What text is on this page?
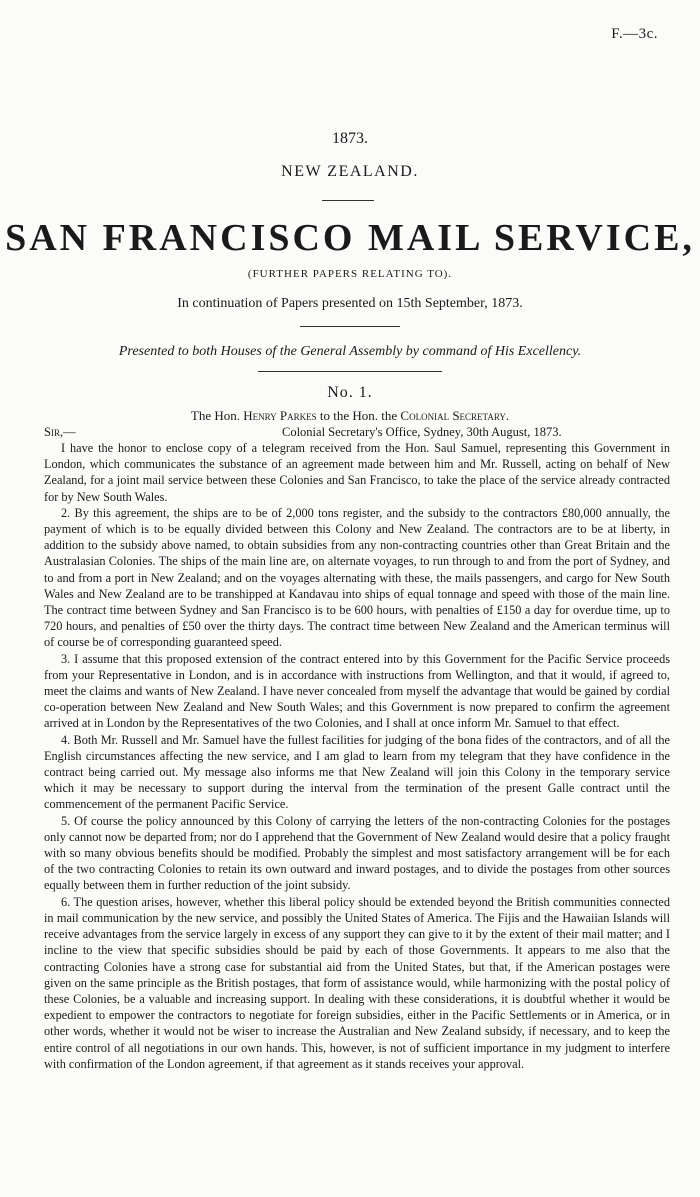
F.—3c.
1873.
NEW ZEALAND.
SAN FRANCISCO MAIL SERVICE,
(FURTHER PAPERS RELATING TO).
In continuation of Papers presented on 15th September, 1873.
Presented to both Houses of the General Assembly by command of His Excellency.
No. 1.
The Hon. Henry Parkes to the Hon. the Colonial Secretary.
Sir,—	Colonial Secretary's Office, Sydney, 30th August, 1873.

I have the honor to enclose copy of a telegram received from the Hon. Saul Samuel, representing this Government in London, which communicates the substance of an agreement made between him and Mr. Russell, acting on behalf of New Zealand, for a joint mail service between these Colonies and San Francisco, to take the place of the service already contracted for by New South Wales.

2. By this agreement, the ships are to be of 2,000 tons register, and the subsidy to the contractors £80,000 annually, the payment of which is to be equally divided between this Colony and New Zealand. The contractors are to be at liberty, in addition to the subsidy above named, to obtain subsidies from any non-contracting countries other than Great Britain and the Australasian Colonies. The ships of the main line are, on alternate voyages, to run through to and from the port of Sydney, and to and from a port in New Zealand; and on the voyages alternating with these, the mails passengers, and cargo for New South Wales and New Zealand are to be transhipped at Kandavau into ships of equal tonnage and speed with those of the main line. The contract time between Sydney and San Francisco is to be 600 hours, with penalties of £150 a day for overdue time, up to 720 hours, and penalties of £50 over the thirty days. The contract time between New Zealand and the American terminus will of course be of corresponding guaranteed speed.

3. I assume that this proposed extension of the contract entered into by this Government for the Pacific Service proceeds from your Representative in London, and is in accordance with instructions from Wellington, and that it would, if agreed to, meet the claims and wants of New Zealand. I have never concealed from myself the advantage that would be gained by cordial co-operation between New Zealand and New South Wales; and this Government is now prepared to confirm the agreement arrived at in London by the Representatives of the two Colonies, and I shall at once inform Mr. Samuel to that effect.

4. Both Mr. Russell and Mr. Samuel have the fullest facilities for judging of the bona fides of the contractors, and of all the English circumstances affecting the new service, and I am glad to learn from my telegram that they have confidence in the contract being carried out. My message also informs me that New Zealand will join this Colony in the temporary service which it may be necessary to support during the interval from the termination of the present Galle contract until the commencement of the permanent Pacific Service.

5. Of course the policy announced by this Colony of carrying the letters of the non-contracting Colonies for the postages only cannot now be departed from; nor do I apprehend that the Government of New Zealand would desire that a policy fraught with so many obvious benefits should be modified. Probably the simplest and most satisfactory arrangement will be for each of the two contracting Colonies to retain its own outward and inward postages, and to divide the postages from other sources equally between them in further reduction of the joint subsidy.

6. The question arises, however, whether this liberal policy should be extended beyond the British communities connected in mail communication by the new service, and possibly the United States of America. The Fijis and the Hawaiian Islands will receive advantages from the service largely in excess of any support they can give to it by the extent of their mail matter; and I incline to the view that specific subsidies should be paid by each of those Governments. It appears to me also that the contracting Colonies have a strong case for substantial aid from the United States, but that, if the American postages were given on the same principle as the British postages, that form of assistance would, while harmonizing with the postal policy of these Colonies, be a valuable and increasing support. In dealing with these considerations, it is doubtful whether it would be expedient to empower the contractors to negotiate for foreign subsidies, either in the Pacific Settlements or in America, or in other words, whether it would not be wiser to increase the Australian and New Zealand subsidy, if necessary, and to keep the entire control of all negotiations in our own hands. This, however, is not of sufficient importance in my judgment to interfere with confirmation of the London agreement, if that agreement as it stands receives your approval.
